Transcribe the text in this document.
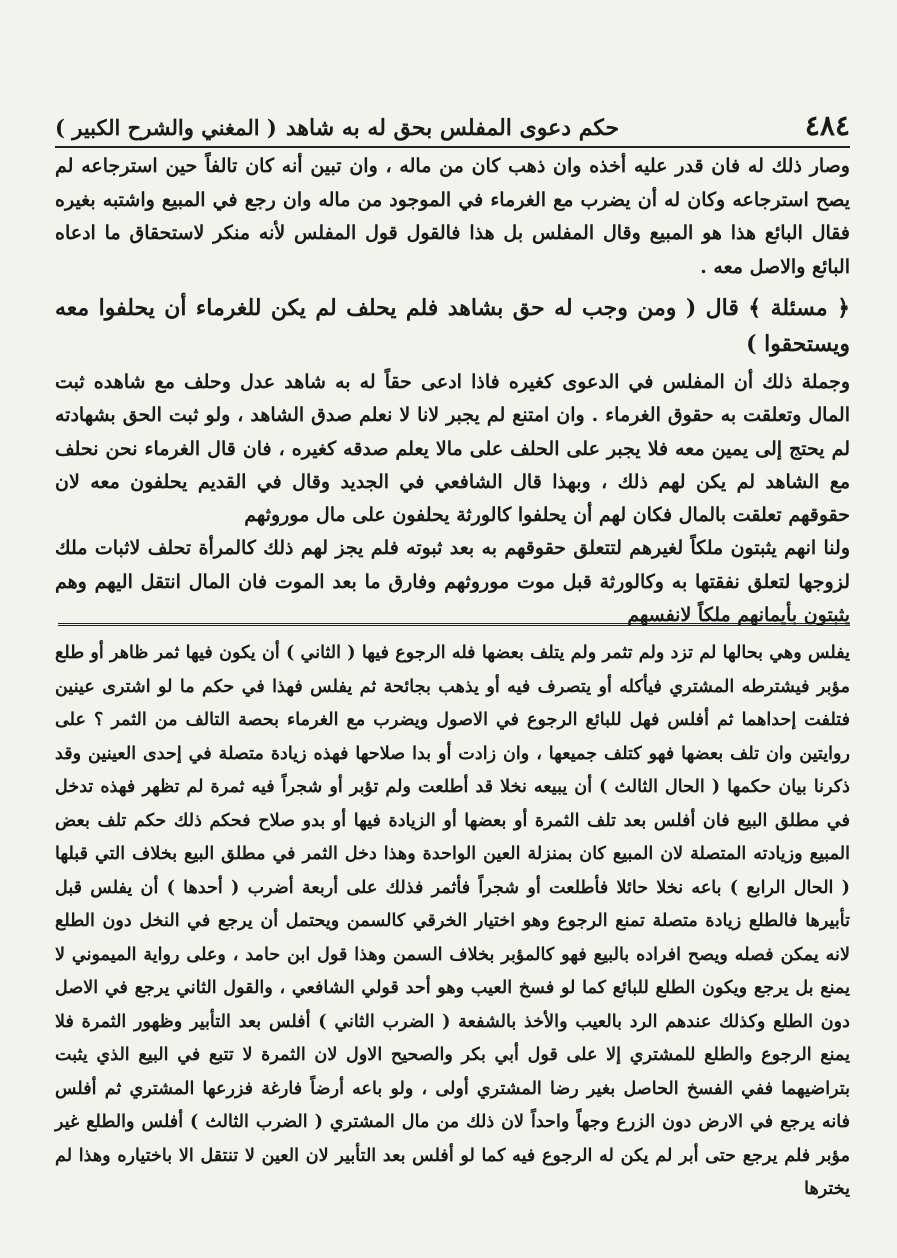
٤٨٤
حكم دعوى المفلس بحق له به شاهد
( المغني والشرح الكبير )

وصار ذلك له فان قدر عليه أخذه وان ذهب كان من ماله ، وان تبين أنه كان تالفاً حين استرجاعه لم يصح استرجاعه وكان له أن يضرب مع الغرماء في الموجود من ماله وان رجع في المبيع واشتبه بغيره فقال البائع هذا هو المبيع وقال المفلس بل هذا فالقول قول المفلس لأنه منكر لاستحقاق ما ادعاه البائع والاصل معه .

﴿ مسئلة ﴾ قال ( ومن وجب له حق بشاهد فلم يحلف لم يكن للغرماء أن يحلفوا معه ويستحقوا )

وجملة ذلك أن المفلس في الدعوى كغيره فاذا ادعى حقاً له به شاهد عدل وحلف مع شاهده ثبت المال وتعلقت به حقوق الغرماء . وان امتنع لم يجبر لانا لا نعلم صدق الشاهد ، ولو ثبت الحق بشهادته لم يحتج إلى يمين معه فلا يجبر على الحلف على مالا يعلم صدقه كغيره ، فان قال الغرماء نحن نحلف مع الشاهد لم يكن لهم ذلك ، وبهذا قال الشافعي في الجديد وقال في القديم يحلفون معه لان حقوقهم تعلقت بالمال فكان لهم أن يحلفوا كالورثة يحلفون على مال موروثهم

ولنا انهم يثبتون ملكاً لغيرهم لتتعلق حقوقهم به بعد ثبوته فلم يجز لهم ذلك كالمرأة تحلف لاثبات ملك لزوجها لتعلق نفقتها به وكالورثة قبل موت موروثهم وفارق ما بعد الموت فان المال انتقل اليهم وهم يثبتون بأيمانهم ملكاً لانفسهم

يفلس وهي بحالها لم تزد ولم تثمر ولم يتلف بعضها فله الرجوع فيها ( الثاني ) أن يكون فيها ثمر ظاهر أو طلع مؤبر فيشترطه المشتري فيأكله أو يتصرف فيه أو يذهب بجائحة ثم يفلس فهذا في حكم ما لو اشترى عينين فتلفت إحداهما ثم أفلس فهل للبائع الرجوع في الاصول ويضرب مع الغرماء بحصة التالف من الثمر ؟ على روايتين وان تلف بعضها فهو كتلف جميعها ، وان زادت أو بدا صلاحها فهذه زيادة متصلة في إحدى العينين وقد ذكرنا بيان حكمها ( الحال الثالث ) أن يبيعه نخلا قد أطلعت ولم تؤبر أو شجراً فيه ثمرة لم تظهر فهذه تدخل في مطلق البيع فان أفلس بعد تلف الثمرة أو بعضها أو الزيادة فيها أو بدو صلاح فحكم ذلك حكم تلف بعض المبيع وزيادته المتصلة لان المبيع كان بمنزلة العين الواحدة وهذا دخل الثمر في مطلق البيع بخلاف التي قبلها ( الحال الرابع ) باعه نخلا حائلا فأطلعت أو شجراً فأثمر فذلك على أربعة أضرب ( أحدها ) أن يفلس قبل تأبيرها فالطلع زيادة متصلة تمنع الرجوع وهو اختيار الخرقي كالسمن ويحتمل أن يرجع في النخل دون الطلع لانه يمكن فصله ويصح افراده بالبيع فهو كالمؤبر بخلاف السمن وهذا قول ابن حامد ، وعلى رواية الميموني لا يمنع بل يرجع ويكون الطلع للبائع كما لو فسخ العيب وهو أحد قولي الشافعي ، والقول الثاني يرجع في الاصل دون الطلع وكذلك عندهم الرد بالعيب والأخذ بالشفعة ( الضرب الثاني ) أفلس بعد التأبير وظهور الثمرة فلا يمنع الرجوع والطلع للمشتري إلا على قول أبي بكر والصحيح الاول لان الثمرة لا تتبع في البيع الذي يثبت بتراضيهما ففي الفسخ الحاصل بغير رضا المشتري أولى ، ولو باعه أرضاً فارغة فزرعها المشتري ثم أفلس فانه يرجع في الارض دون الزرع وجهاً واحداً لان ذلك من مال المشتري ( الضرب الثالث ) أفلس والطلع غير مؤبر فلم يرجع حتى أبر لم يكن له الرجوع فيه كما لو أفلس بعد التأبير لان العين لا تنتقل الا باختياره وهذا لم يخترها
